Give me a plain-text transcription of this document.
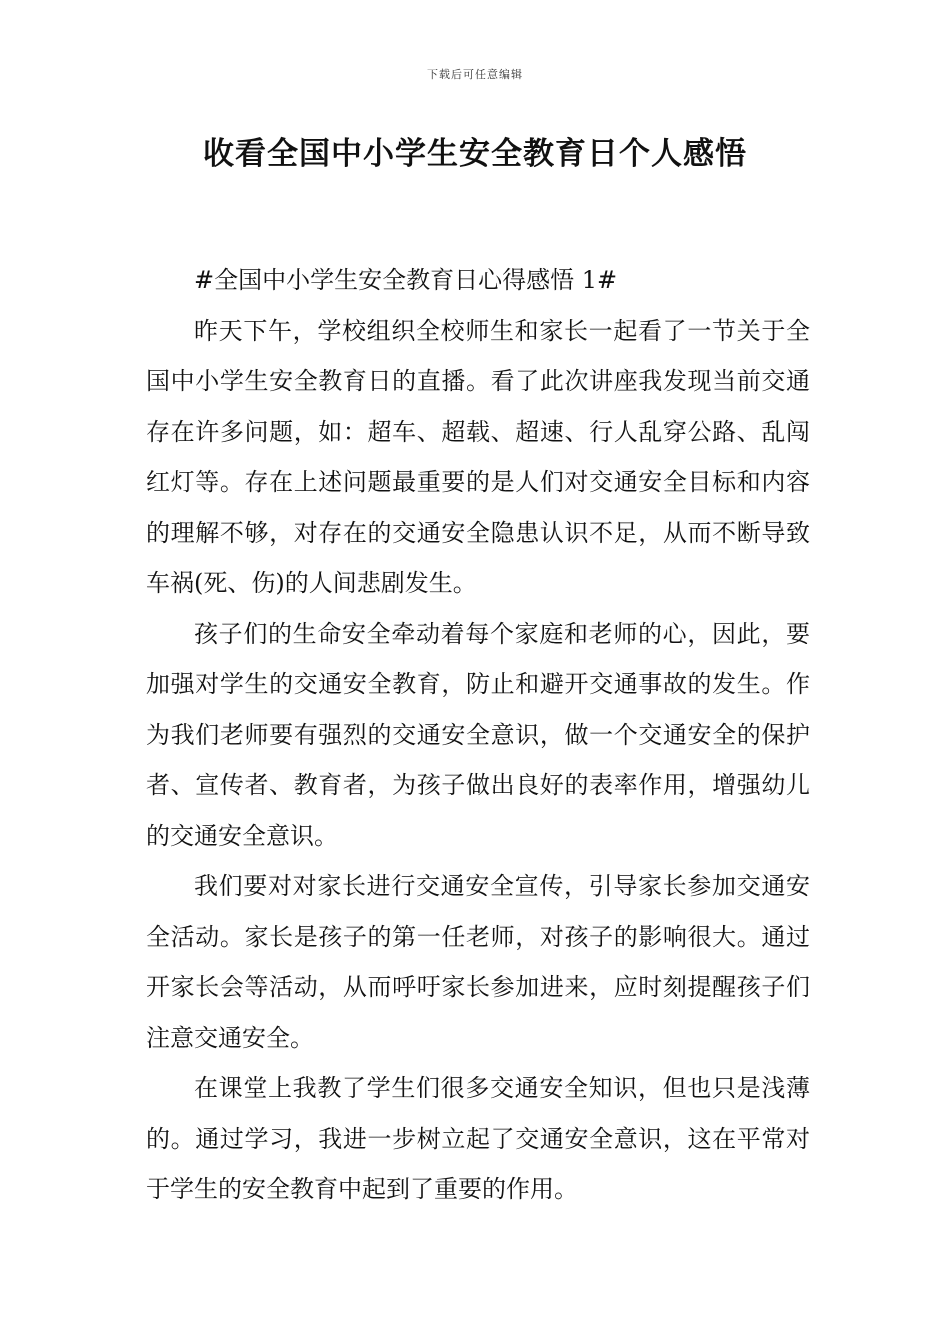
下载后可任意编辑
收看全国中小学生安全教育日个人感悟

#全国中小学生安全教育日心得感悟 1#

昨天下午，学校组织全校师生和家长一起看了一节关于全国中小学生安全教育日的直播。看了此次讲座我发现当前交通存在许多问题，如：超车、超载、超速、行人乱穿公路、乱闯红灯等。存在上述问题最重要的是人们对交通安全目标和内容的理解不够，对存在的交通安全隐患认识不足，从而不断导致车祸(死、伤)的人间悲剧发生。

孩子们的生命安全牵动着每个家庭和老师的心，因此，要加强对学生的交通安全教育，防止和避开交通事故的发生。作为我们老师要有强烈的交通安全意识，做一个交通安全的保护者、宣传者、教育者，为孩子做出良好的表率作用，增强幼儿的交通安全意识。

我们要对对家长进行交通安全宣传，引导家长参加交通安全活动。家长是孩子的第一任老师，对孩子的影响很大。通过开家长会等活动，从而呼吁家长参加进来，应时刻提醒孩子们注意交通安全。

在课堂上我教了学生们很多交通安全知识，但也只是浅薄的。通过学习，我进一步树立起了交通安全意识，这在平常对于学生的安全教育中起到了重要的作用。
